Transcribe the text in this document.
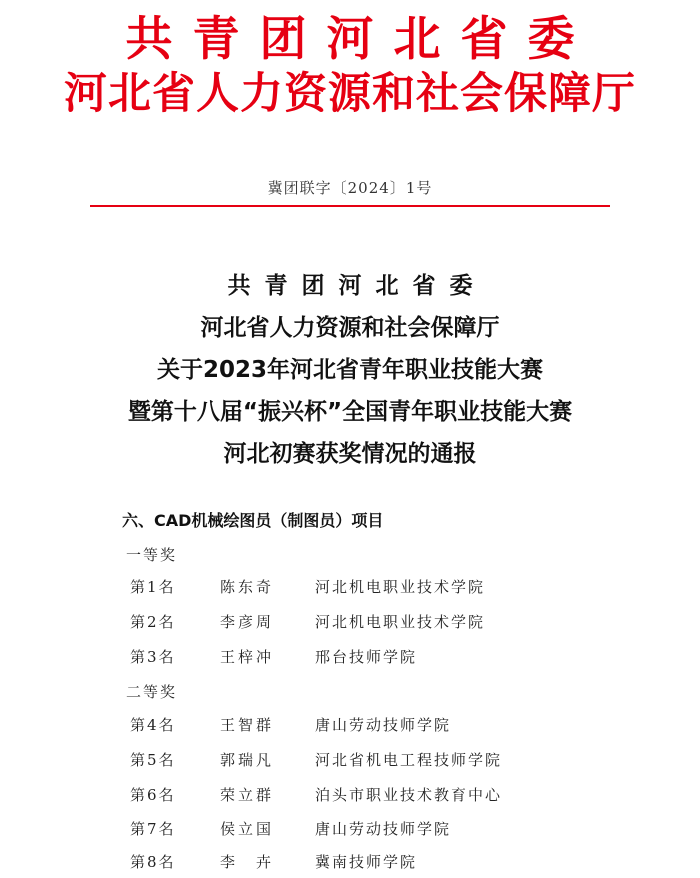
共青团河北省委
河北省人力资源和社会保障厅
冀团联字〔2024〕1号
共青团河北省委
河北省人力资源和社会保障厅
关于2023年河北省青年职业技能大赛
暨第十八届“振兴杯”全国青年职业技能大赛
河北初赛获奖情况的通报
六、CAD机械绘图员（制图员）项目
一等奖
第1名	陈东奇	河北机电职业技术学院
第2名	李彦周	河北机电职业技术学院
第3名	王梓冲	邢台技师学院
二等奖
第4名	王智群	唐山劳动技师学院
第5名	郭瑞凡	河北省机电工程技师学院
第6名	荣立群	泊头市职业技术教育中心
第7名	侯立国	唐山劳动技师学院
第8名	李　卉	冀南技师学院
